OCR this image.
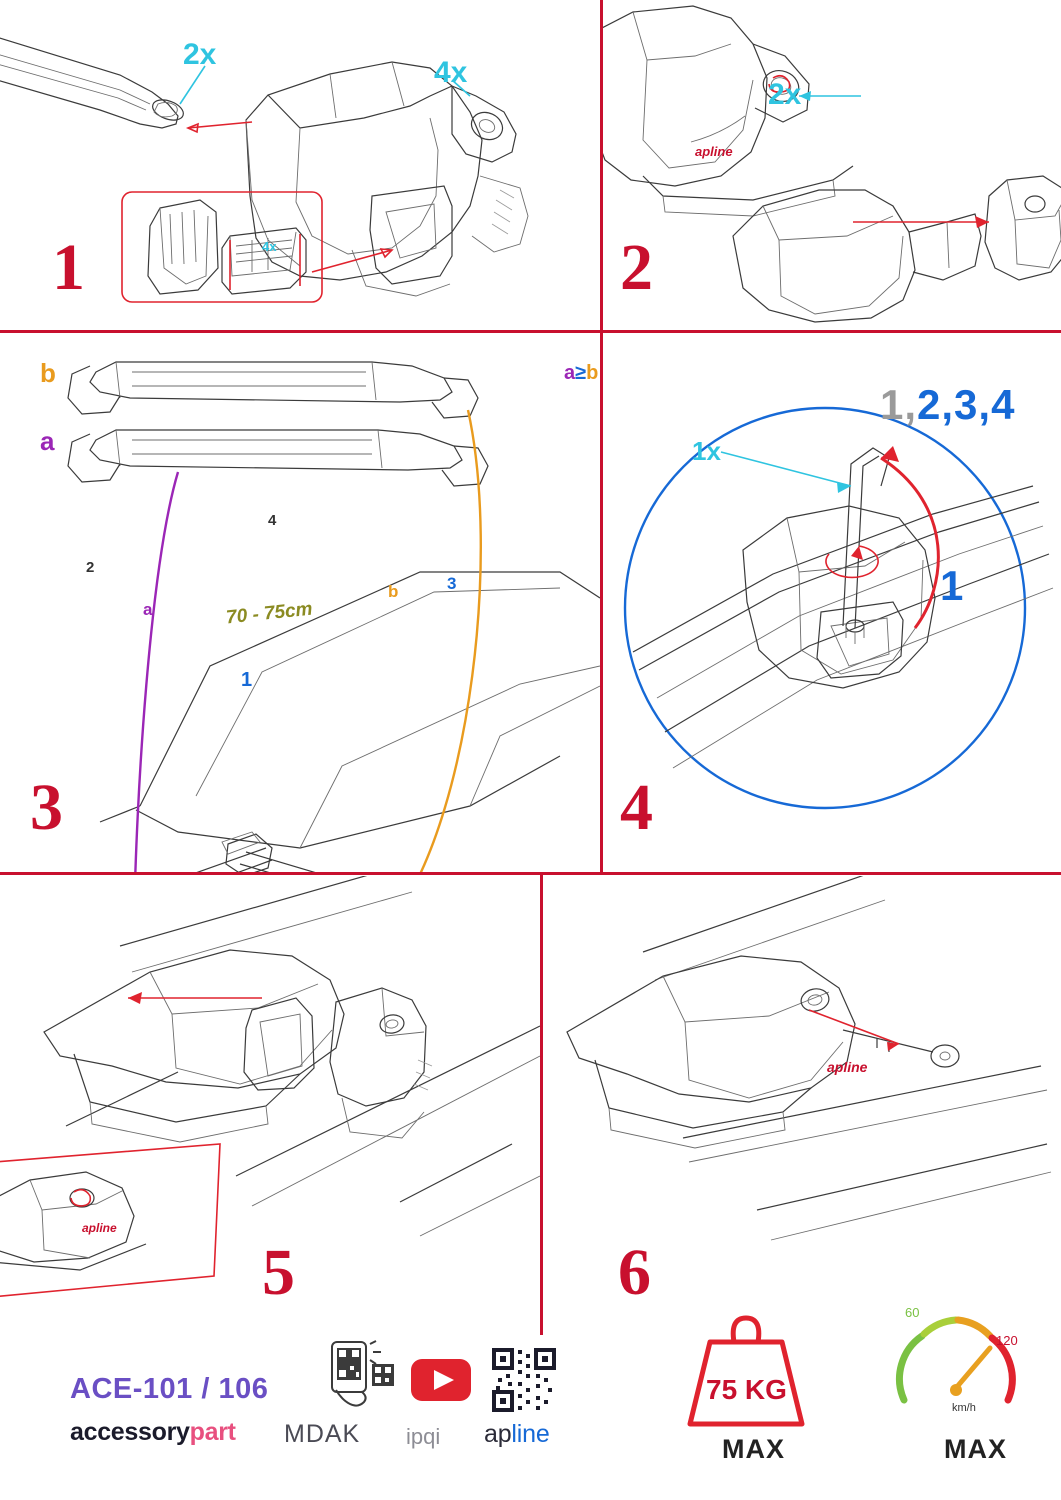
2x
4x
4x
1
apline
2x
2
b
a
70 - 75cm
a
b
2
3
4
1
3
a≥b
1x
1,2,3,4
1
4
apline
5
apline
6
ACE-101 / 106
accessorypart MDAK ipqi apline
75 KG
MAX
60
120
km/h
MAX
